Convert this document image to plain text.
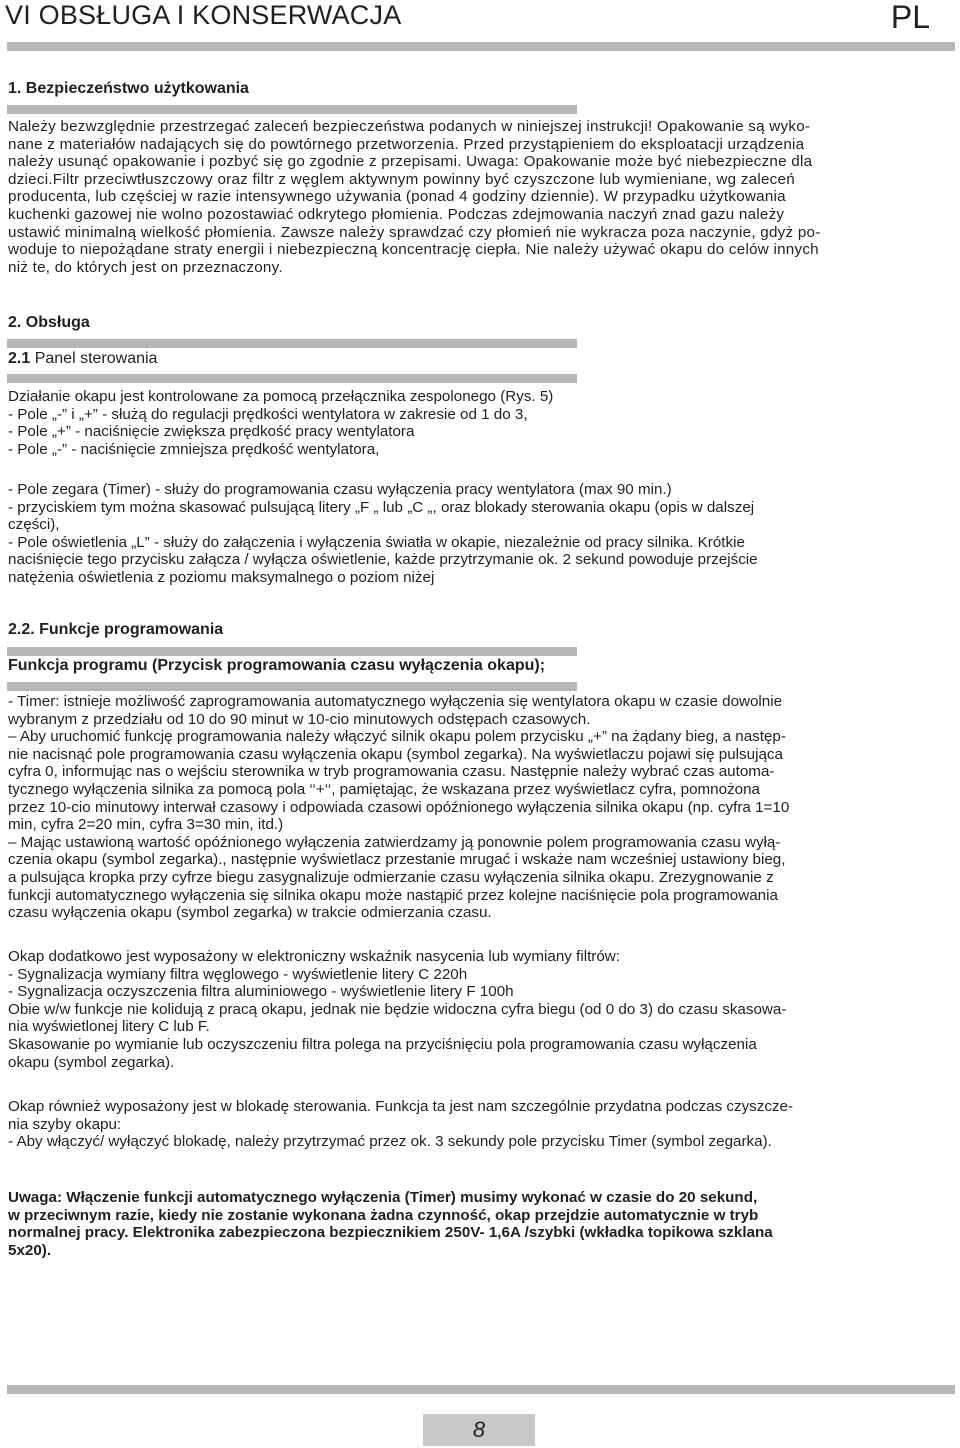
VI OBSŁUGA I KONSERWACJA	PL
1. Bezpieczeństwo użytkowania

Należy bezwzględnie przestrzegać zaleceń bezpieczeństwa podanych w niniejszej instrukcji! Opakowanie są wyko-

nane z materiałów nadających się do powtórnego przetworzenia. Przed przystąpieniem do eksploatacji urządzenia

należy usunąć opakowanie i pozbyć się go zgodnie z przepisami. Uwaga: Opakowanie może być niebezpieczne dla

dzieci.Filtr przeciwtłuszczowy oraz filtr z węglem aktywnym powinny być czyszczone lub wymieniane, wg zaleceń

producenta, lub częściej w razie intensywnego używania (ponad 4 godziny dziennie). W przypadku użytkowania

kuchenki gazowej nie wolno pozostawiać odkrytego płomienia. Podczas zdejmowania naczyń znad gazu należy

ustawić minimalną wielkość płomienia. Zawsze należy sprawdzać czy płomień nie wykracza poza naczynie, gdyż po-

woduje to niepożądane straty energii i niebezpieczną koncentrację ciepła. Nie należy używać okapu do celów innych

niż te, do których jest on przeznaczony.

2. Obsługa
2.1 Panel sterowania

Działanie okapu jest kontrolowane za pomocą przełącznika zespolonego (Rys. 5)

- Pole „-” i „+” - służą do regulacji prędkości wentylatora w zakresie od 1 do 3,

- Pole „+” - naciśnięcie zwiększa prędkość pracy wentylatora

- Pole „-” - naciśnięcie zmniejsza prędkość wentylatora,

- Pole zegara (Timer) - służy do programowania czasu wyłączenia pracy wentylatora (max 90 min.)

- przyciskiem tym można skasować pulsującą litery „F „ lub „C „, oraz blokady sterowania okapu (opis w dalszej

części),

- Pole oświetlenia „L” - służy do załączenia i wyłączenia światła w okapie, niezależnie od pracy silnika. Krótkie

naciśnięcie tego przycisku załącza / wyłącza oświetlenie, każde przytrzymanie ok. 2 sekund powoduje przejście

natężenia oświetlenia z poziomu maksymalnego o poziom niżej

2.2. Funkcje programowania
Funkcja programu (Przycisk programowania czasu wyłączenia okapu);

- Timer: istnieje możliwość zaprogramowania automatycznego wyłączenia się wentylatora okapu w czasie dowolnie

wybranym z przedziału od 10 do 90 minut w 10-cio minutowych odstępach czasowych.

– Aby uruchomić funkcję programowania należy włączyć silnik okapu polem przycisku „+” na żądany bieg, a następ-

nie nacisnąć pole programowania czasu wyłączenia okapu (symbol zegarka). Na wyświetlaczu pojawi się pulsująca

cyfra 0, informując nas o wejściu sterownika w tryb programowania czasu. Następnie należy wybrać czas automa-

tycznego wyłączenia silnika za pomocą pola ‘‘+‘‘, pamiętając, że wskazana przez wyświetlacz cyfra, pomnożona

przez 10-cio minutowy interwał czasowy i odpowiada czasowi opóźnionego wyłączenia silnika okapu (np. cyfra 1=10

min, cyfra 2=20 min, cyfra 3=30 min, itd.)

– Mając ustawioną wartość opóźnionego wyłączenia zatwierdzamy ją ponownie polem programowania czasu wyłą-

czenia okapu (symbol zegarka)., następnie wyświetlacz przestanie mrugać i wskaże nam wcześniej ustawiony bieg,

a pulsująca kropka przy cyfrze biegu zasygnalizuje odmierzanie czasu wyłączenia silnika okapu. Zrezygnowanie z

funkcji automatycznego wyłączenia się silnika okapu może nastąpić przez kolejne naciśnięcie pola programowania

czasu wyłączenia okapu (symbol zegarka) w trakcie odmierzania czasu.

Okap dodatkowo jest wyposażony w elektroniczny wskaźnik nasycenia lub wymiany filtrów:

- Sygnalizacja wymiany filtra węglowego - wyświetlenie litery C 220h

- Sygnalizacja oczyszczenia filtra aluminiowego - wyświetlenie litery F 100h

Obie w/w funkcje nie kolidują z pracą okapu, jednak nie będzie widoczna cyfra biegu (od 0 do 3) do czasu skasowa-

nia wyświetlonej litery C lub F.

Skasowanie po wymianie lub oczyszczeniu filtra polega na przyciśnięciu pola programowania czasu wyłączenia

okapu (symbol zegarka).

Okap również wyposażony jest w blokadę sterowania. Funkcja ta jest nam szczególnie przydatna podczas czyszcze-

nia szyby okapu:

- Aby włączyć/ wyłączyć blokadę, należy przytrzymać przez ok. 3 sekundy pole przycisku Timer (symbol zegarka).

Uwaga: Włączenie funkcji automatycznego wyłączenia (Timer) musimy wykonać w czasie do 20 sekund,

w przeciwnym razie, kiedy nie zostanie wykonana żadna czynność, okap przejdzie automatycznie w tryb

normalnej pracy. Elektronika zabezpieczona bezpiecznikiem 250V- 1,6A /szybki (wkładka topikowa szklana

5x20).

8
